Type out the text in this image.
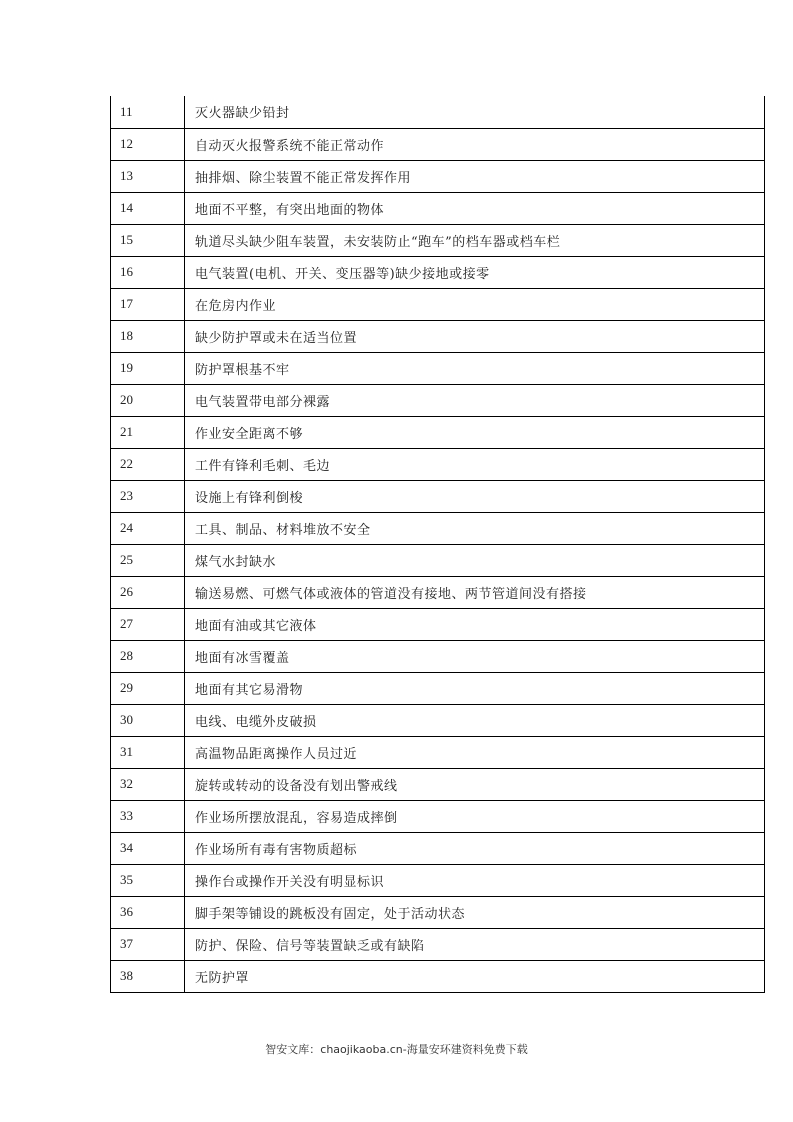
11	灭火器缺少铅封
12	自动灭火报警系统不能正常动作
13	抽排烟、除尘装置不能正常发挥作用
14	地面不平整，有突出地面的物体
15	轨道尽头缺少阻车装置，未安装防止“跑车”的档车器或档车栏
16	电气装置(电机、开关、变压器等)缺少接地或接零
17	在危房内作业
18	缺少防护罩或未在适当位置
19	防护罩根基不牢
20	电气装置带电部分裸露
21	作业安全距离不够
22	工件有锋利毛刺、毛边
23	设施上有锋利倒梭
24	工具、制品、材料堆放不安全
25	煤气水封缺水
26	输送易燃、可燃气体或液体的管道没有接地、两节管道间没有搭接
27	地面有油或其它液体
28	地面有冰雪覆盖
29	地面有其它易滑物
30	电线、电缆外皮破损
31	高温物品距离操作人员过近
32	旋转或转动的设备没有划出警戒线
33	作业场所摆放混乱，容易造成摔倒
34	作业场所有毒有害物质超标
35	操作台或操作开关没有明显标识
36	脚手架等铺设的跳板没有固定，处于活动状态
37	防护、保险、信号等装置缺乏或有缺陷
38	无防护罩
智安文库：chaojikaoba.cn-海量安环建资料免费下载
